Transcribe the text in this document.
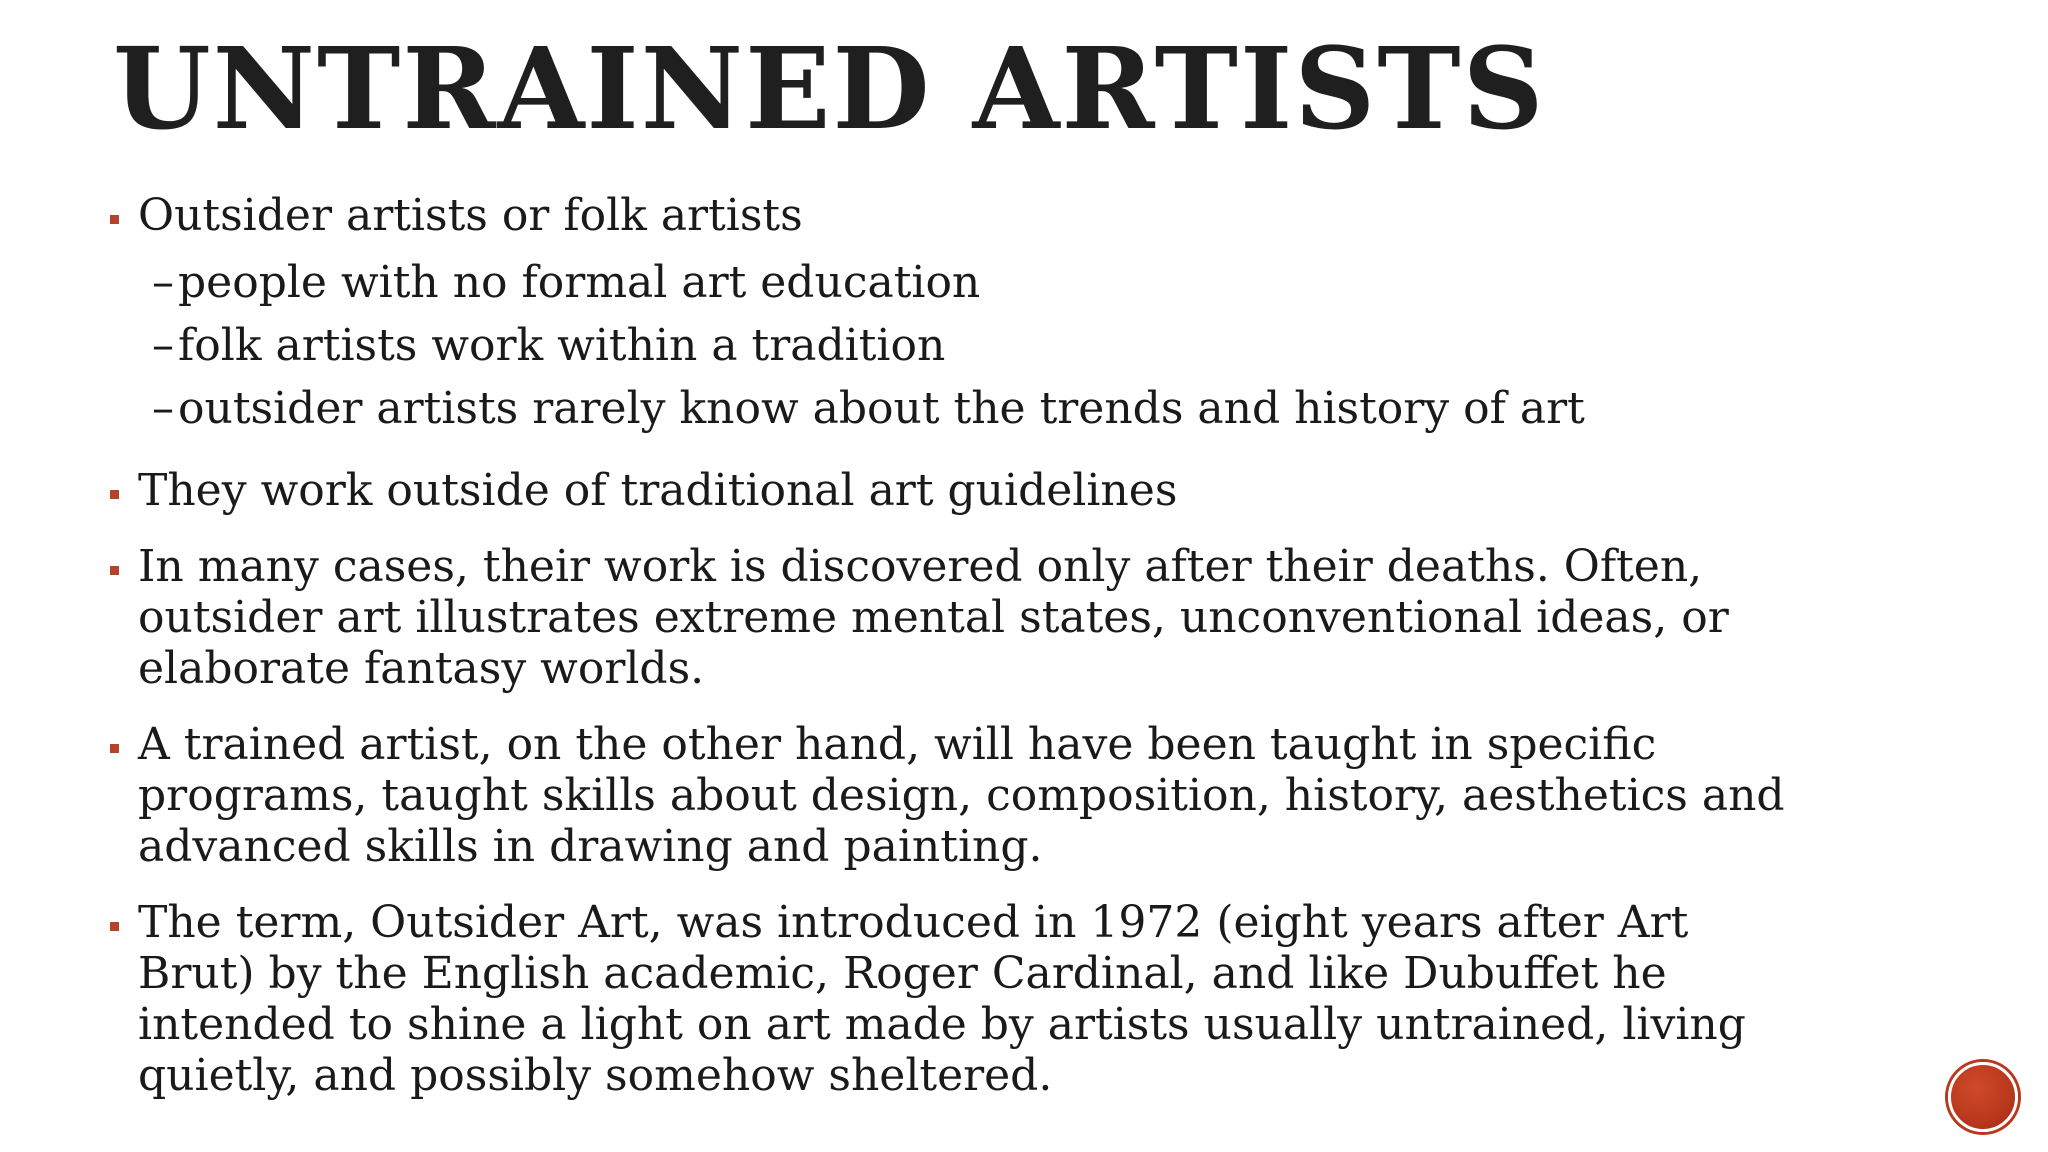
UNTRAINED ARTISTS
Outsider artists or folk artists
– people with no formal art education
– folk artists work within a tradition
– outsider artists rarely know about the trends and history of art
They work outside of traditional art guidelines
In many cases, their work is discovered only after their deaths. Often, outsider art illustrates extreme mental states, unconventional ideas, or elaborate fantasy worlds.
A trained artist, on the other hand, will have been taught in specific programs, taught skills about design, composition, history, aesthetics and advanced skills in drawing and painting.
The term, Outsider Art, was introduced in 1972 (eight years after Art Brut) by the English academic, Roger Cardinal, and like Dubuffet he intended to shine a light on art made by artists usually untrained, living quietly, and possibly somehow sheltered.
